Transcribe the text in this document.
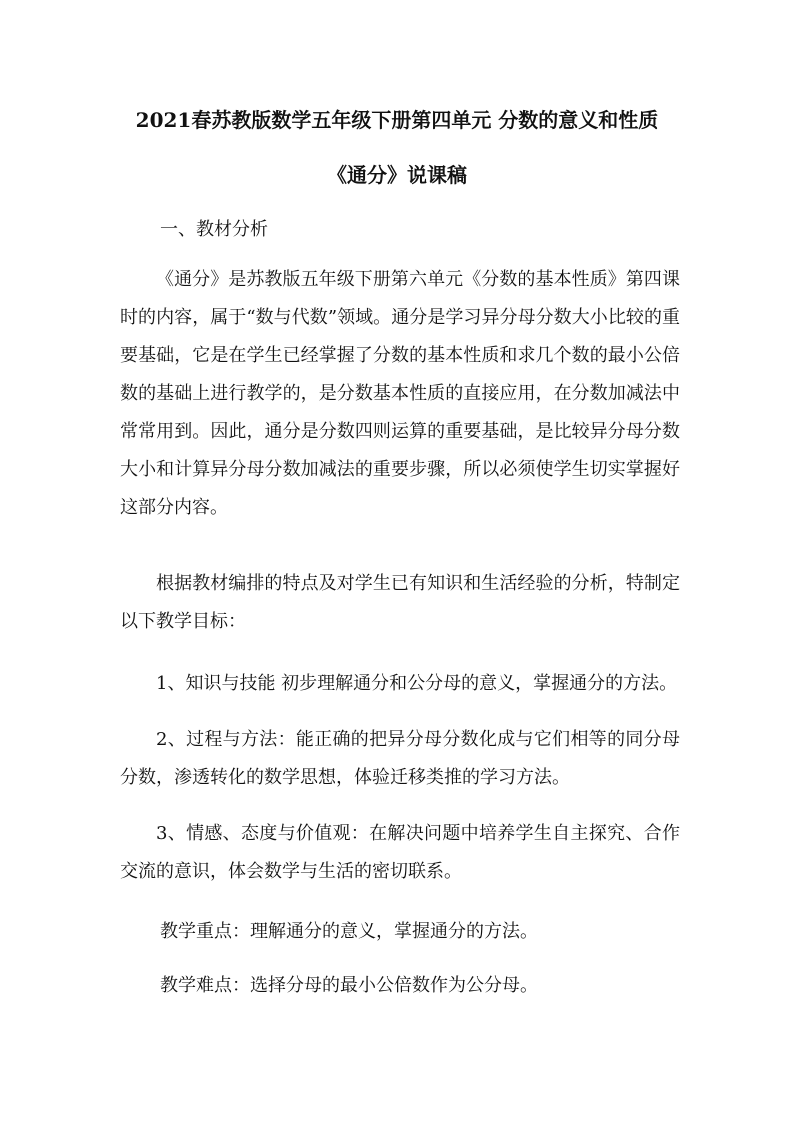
2021春苏教版数学五年级下册第四单元 分数的意义和性质
《通分》说课稿
一、教材分析
《通分》是苏教版五年级下册第六单元《分数的基本性质》第四课时的内容，属于“数与代数”领域。通分是学习异分母分数大小比较的重要基础，它是在学生已经掌握了分数的基本性质和求几个数的最小公倍数的基础上进行教学的，是分数基本性质的直接应用，在分数加减法中常常用到。因此，通分是分数四则运算的重要基础，是比较异分母分数大小和计算异分母分数加减法的重要步骤，所以必须使学生切实掌握好这部分内容。
根据教材编排的特点及对学生已有知识和生活经验的分析，特制定以下教学目标：
1、知识与技能 初步理解通分和公分母的意义，掌握通分的方法。
2、过程与方法：能正确的把异分母分数化成与它们相等的同分母分数，渗透转化的数学思想，体验迁移类推的学习方法。
3、情感、态度与价值观：在解决问题中培养学生自主探究、合作交流的意识，体会数学与生活的密切联系。
教学重点：理解通分的意义，掌握通分的方法。
教学难点：选择分母的最小公倍数作为公分母。
